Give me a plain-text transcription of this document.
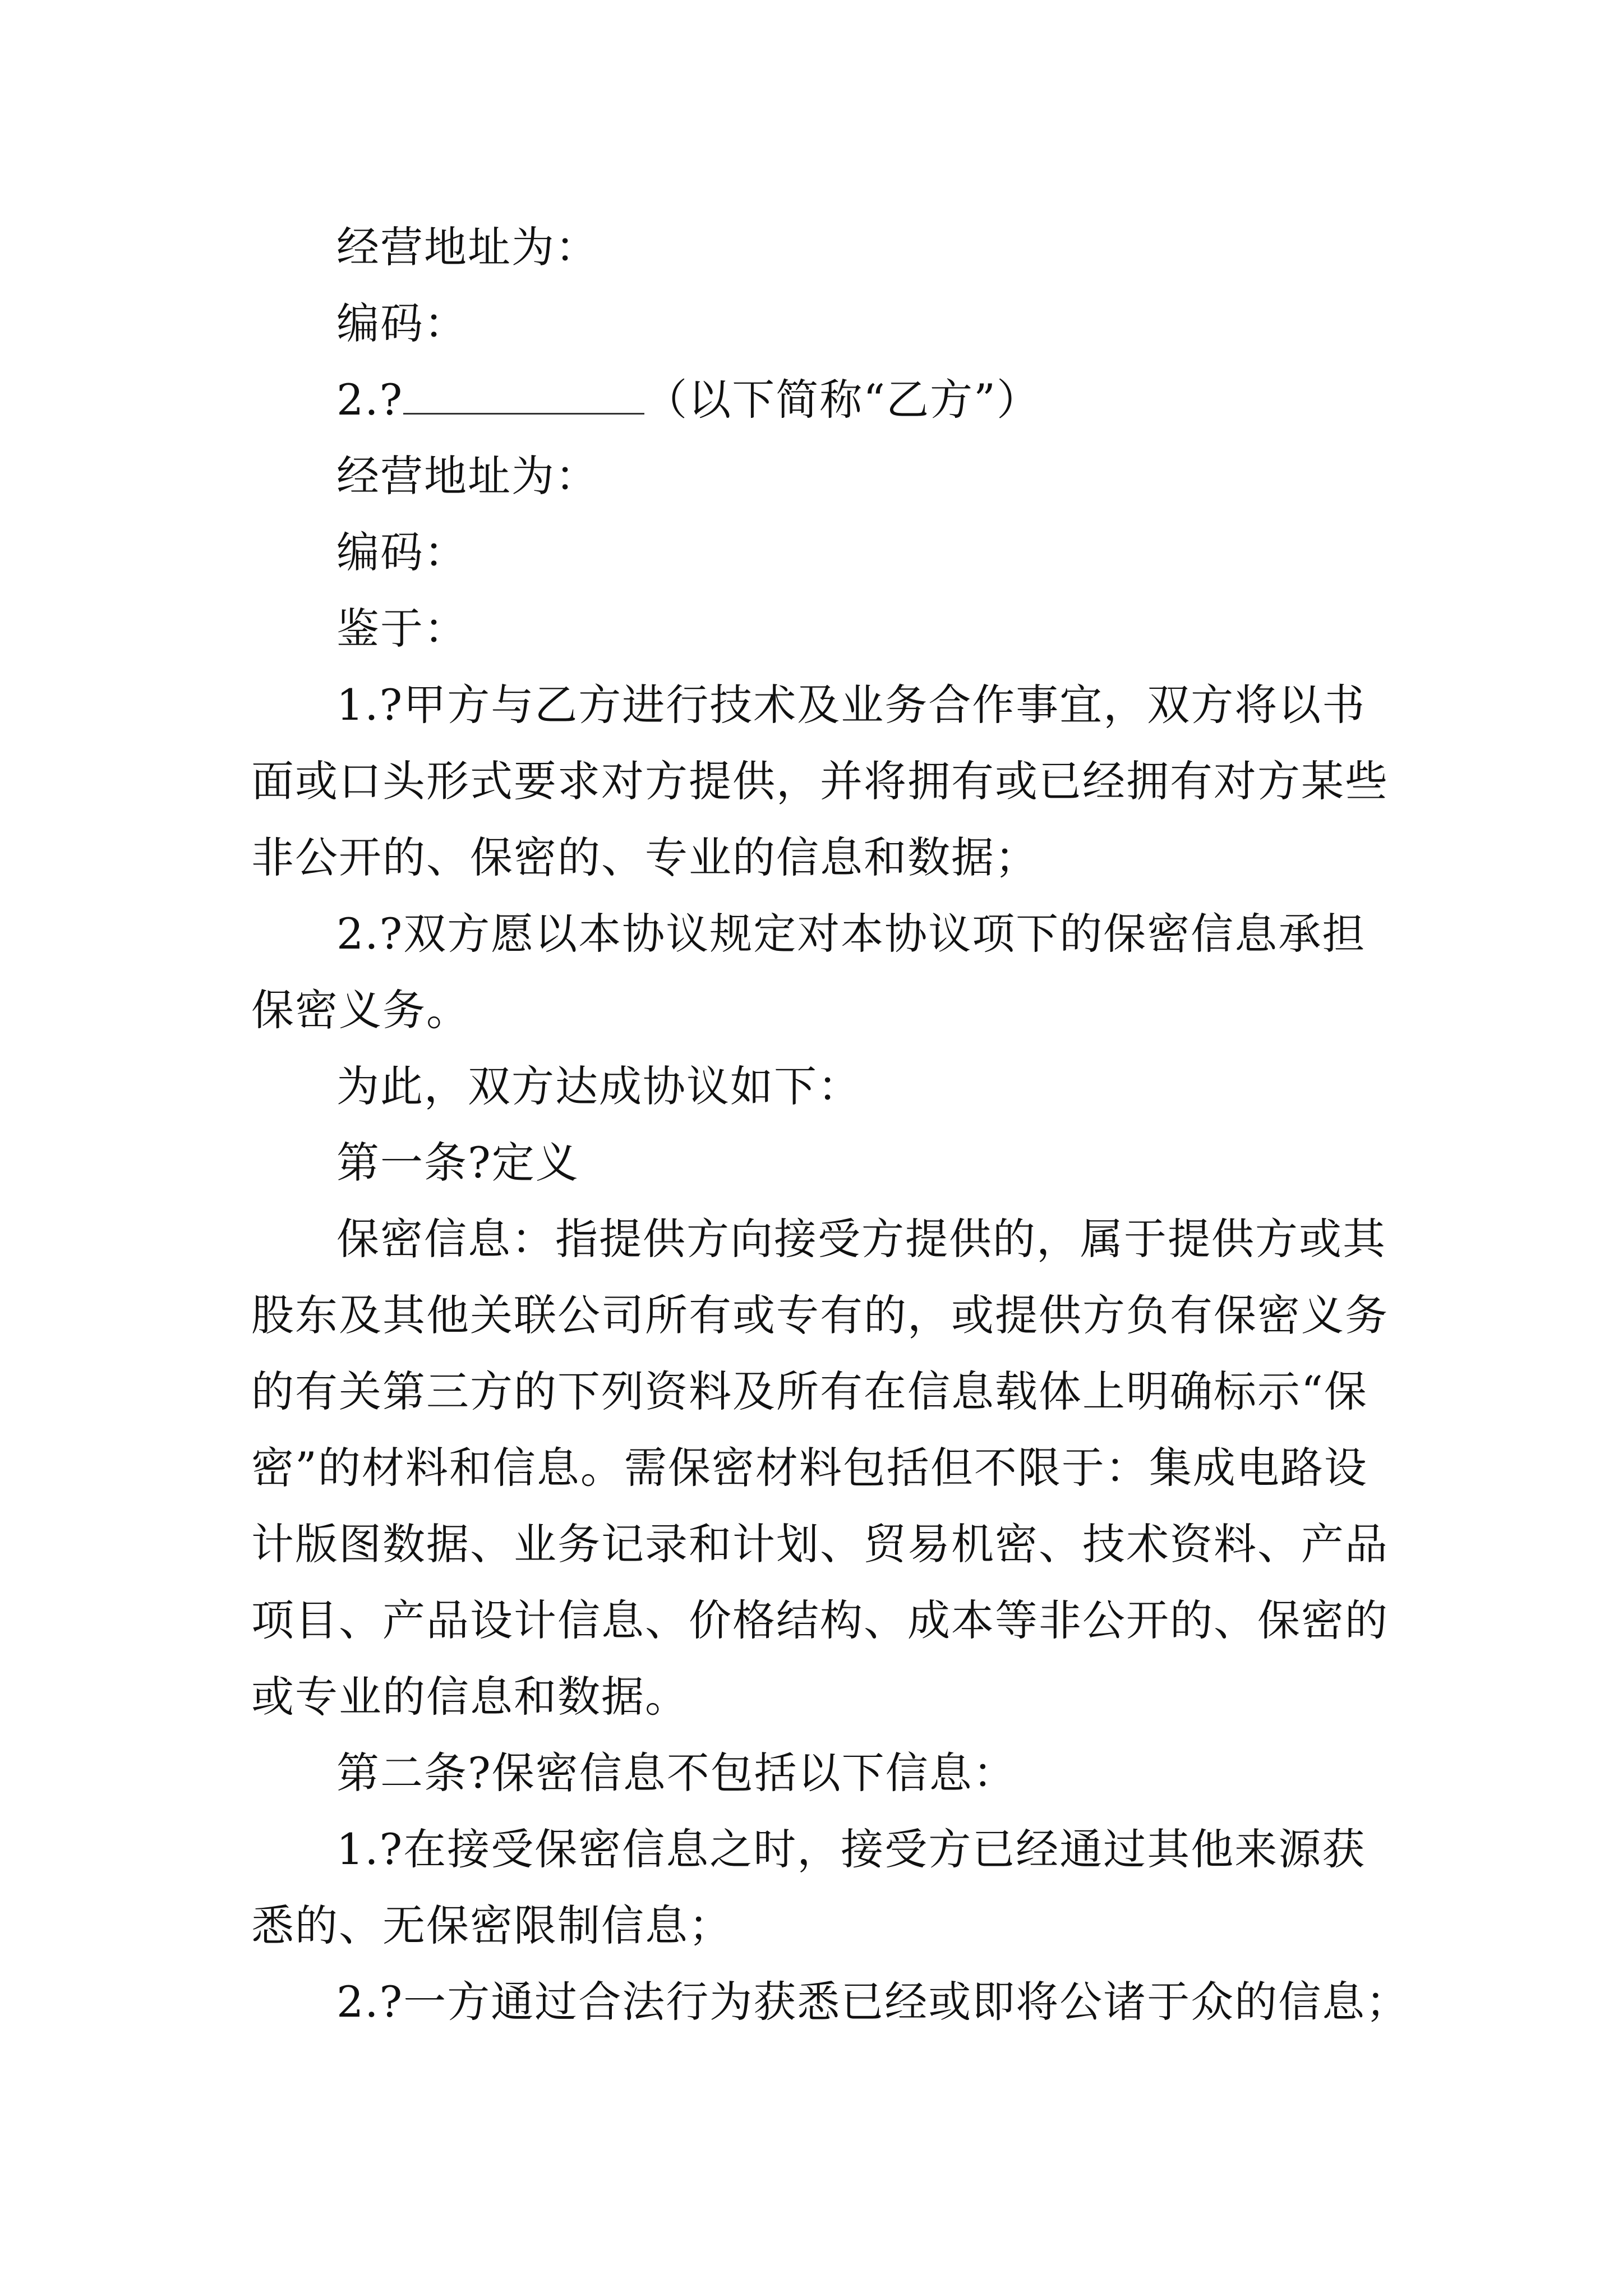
经营地址为：
编码：
2.?	（以下简称“乙方”）
经营地址为：
编码：
鉴于：
1.?甲方与乙方进行技术及业务合作事宜，双方将以书
面或口头形式要求对方提供，并将拥有或已经拥有对方某些
非公开的、保密的、专业的信息和数据；
2.?双方愿以本协议规定对本协议项下的保密信息承担
保密义务。
为此，双方达成协议如下：
第一条?定义
保密信息：指提供方向接受方提供的，属于提供方或其
股东及其他关联公司所有或专有的，或提供方负有保密义务
的有关第三方的下列资料及所有在信息载体上明确标示“保
密”的材料和信息。需保密材料包括但不限于：集成电路设
计版图数据、业务记录和计划、贸易机密、技术资料、产品
项目、产品设计信息、价格结构、成本等非公开的、保密的
或专业的信息和数据。
第二条?保密信息不包括以下信息：
1.?在接受保密信息之时，接受方已经通过其他来源获
悉的、无保密限制信息；
2.?一方通过合法行为获悉已经或即将公诸于众的信息；
